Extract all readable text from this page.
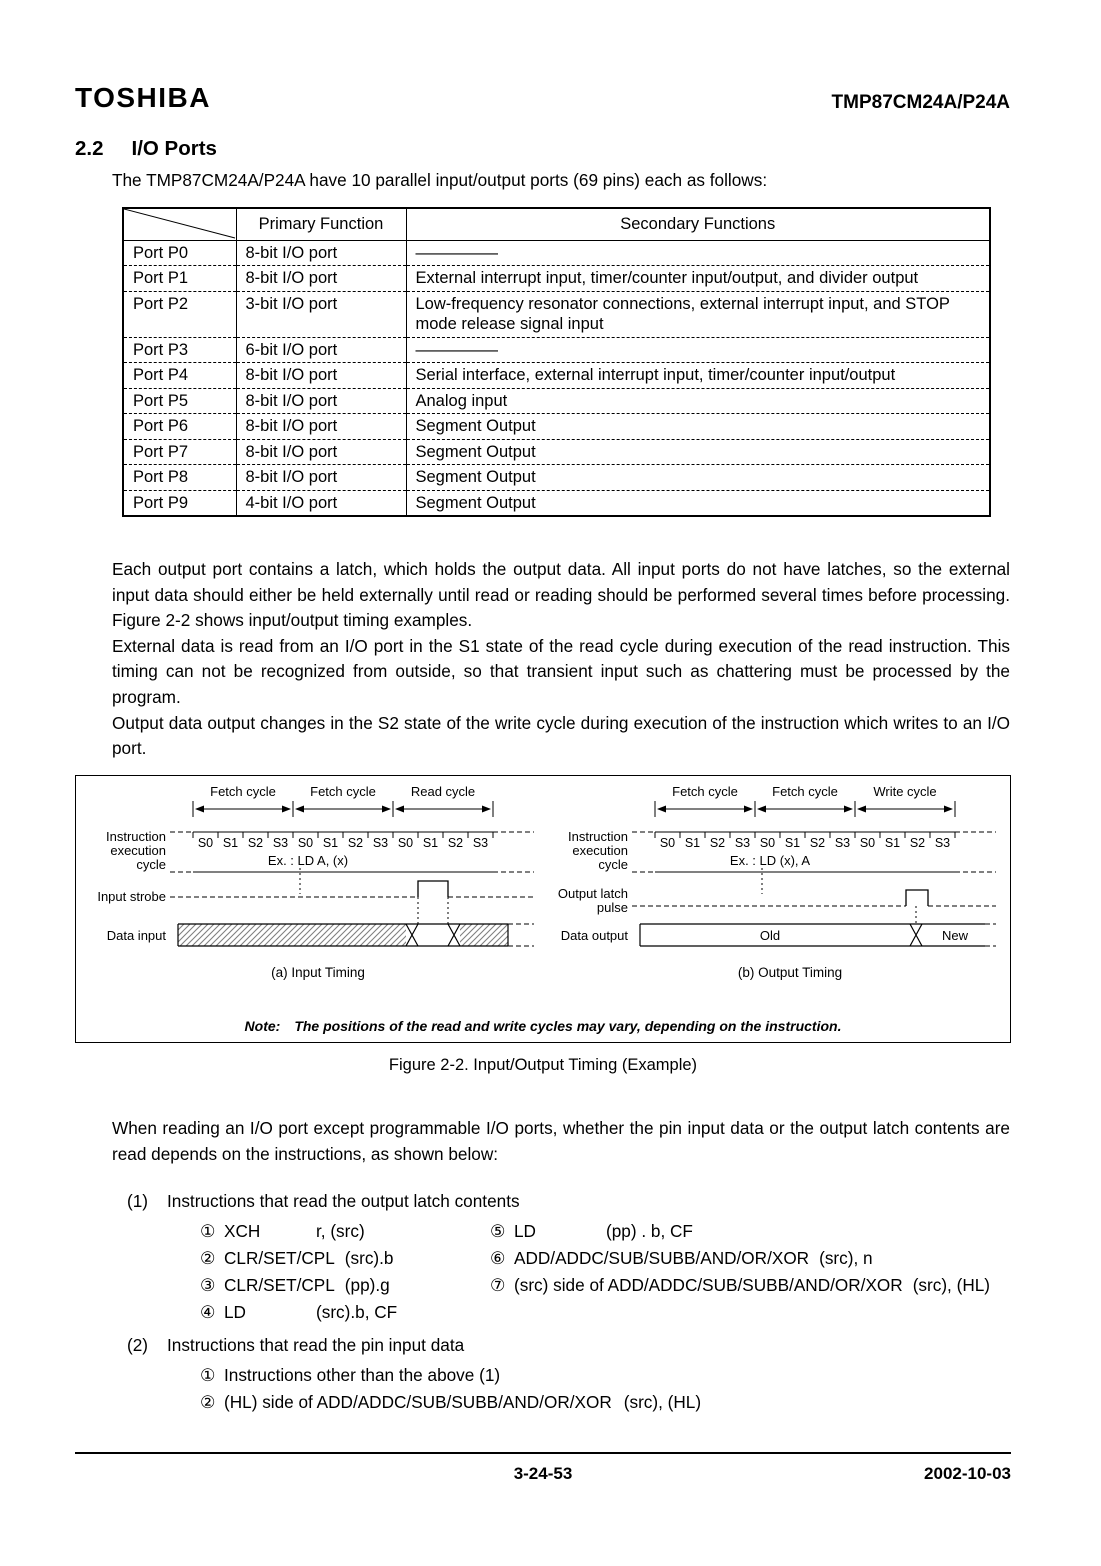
TOSHIBA	TMP87CM24A/P24A
2.2 I/O Ports
The TMP87CM24A/P24A have 10 parallel input/output ports (69 pins) each as follows:
	Primary Function	Secondary Functions
Port P0	8-bit I/O port	—————
Port P1	8-bit I/O port	External interrupt input, timer/counter input/output, and divider output
Port P2	3-bit I/O port	Low-frequency resonator connections, external interrupt input, and STOP mode release signal input
Port P3	6-bit I/O port	—————
Port P4	8-bit I/O port	Serial interface, external interrupt input, timer/counter input/output
Port P5	8-bit I/O port	Analog input
Port P6	8-bit I/O port	Segment Output
Port P7	8-bit I/O port	Segment Output
Port P8	8-bit I/O port	Segment Output
Port P9	4-bit I/O port	Segment Output

Each output port contains a latch, which holds the output data. All input ports do not have latches, so the external input data should either be held externally until read or reading should be performed several times before processing. Figure 2-2 shows input/output timing examples.

External data is read from an I/O port in the S1 state of the read cycle during execution of the read instruction. This timing can not be recognized from outside, so that transient input such as chattering must be processed by the program.

Output data output changes in the S2 state of the write cycle during execution of the instruction which writes to an I/O port.

Fetch cycle	Fetch cycle	Read cycle
Instruction
execution
cycle
S0 S1 S2 S3 S0 S1 S2 S3 S0 S1 S2 S3
Ex. : LD A, (x)
Input strobe
Data input
(a) Input Timing
Fetch cycle	Fetch cycle	Write cycle
Instruction
execution
cycle
S0 S1 S2 S3 S0 S1 S2 S3 S0 S1 S2 S3
Ex. : LD (x), A
Output latch
pulse
Data output	Old	New
(b) Output Timing
Note: The positions of the read and write cycles may vary, depending on the instruction.
Figure 2-2. Input/Output Timing (Example)
When reading an I/O port except programmable I/O ports, whether the pin input data or the output latch contents are read depends on the instructions, as shown below:
(1) Instructions that read the output latch contents
① XCH	r, (src)
② CLR/SET/CPL (src).b
③ CLR/SET/CPL (pp).g
④ LD	(src).b, CF
⑤ LD	(pp) . b, CF
⑥ ADD/ADDC/SUB/SUBB/AND/OR/XOR (src), n
⑦ (src) side of ADD/ADDC/SUB/SUBB/AND/OR/XOR (src), (HL)
(2) Instructions that read the pin input data
① Instructions other than the above (1)
② (HL) side of ADD/ADDC/SUB/SUBB/AND/OR/XOR (src), (HL)
3-24-53	2002-10-03
